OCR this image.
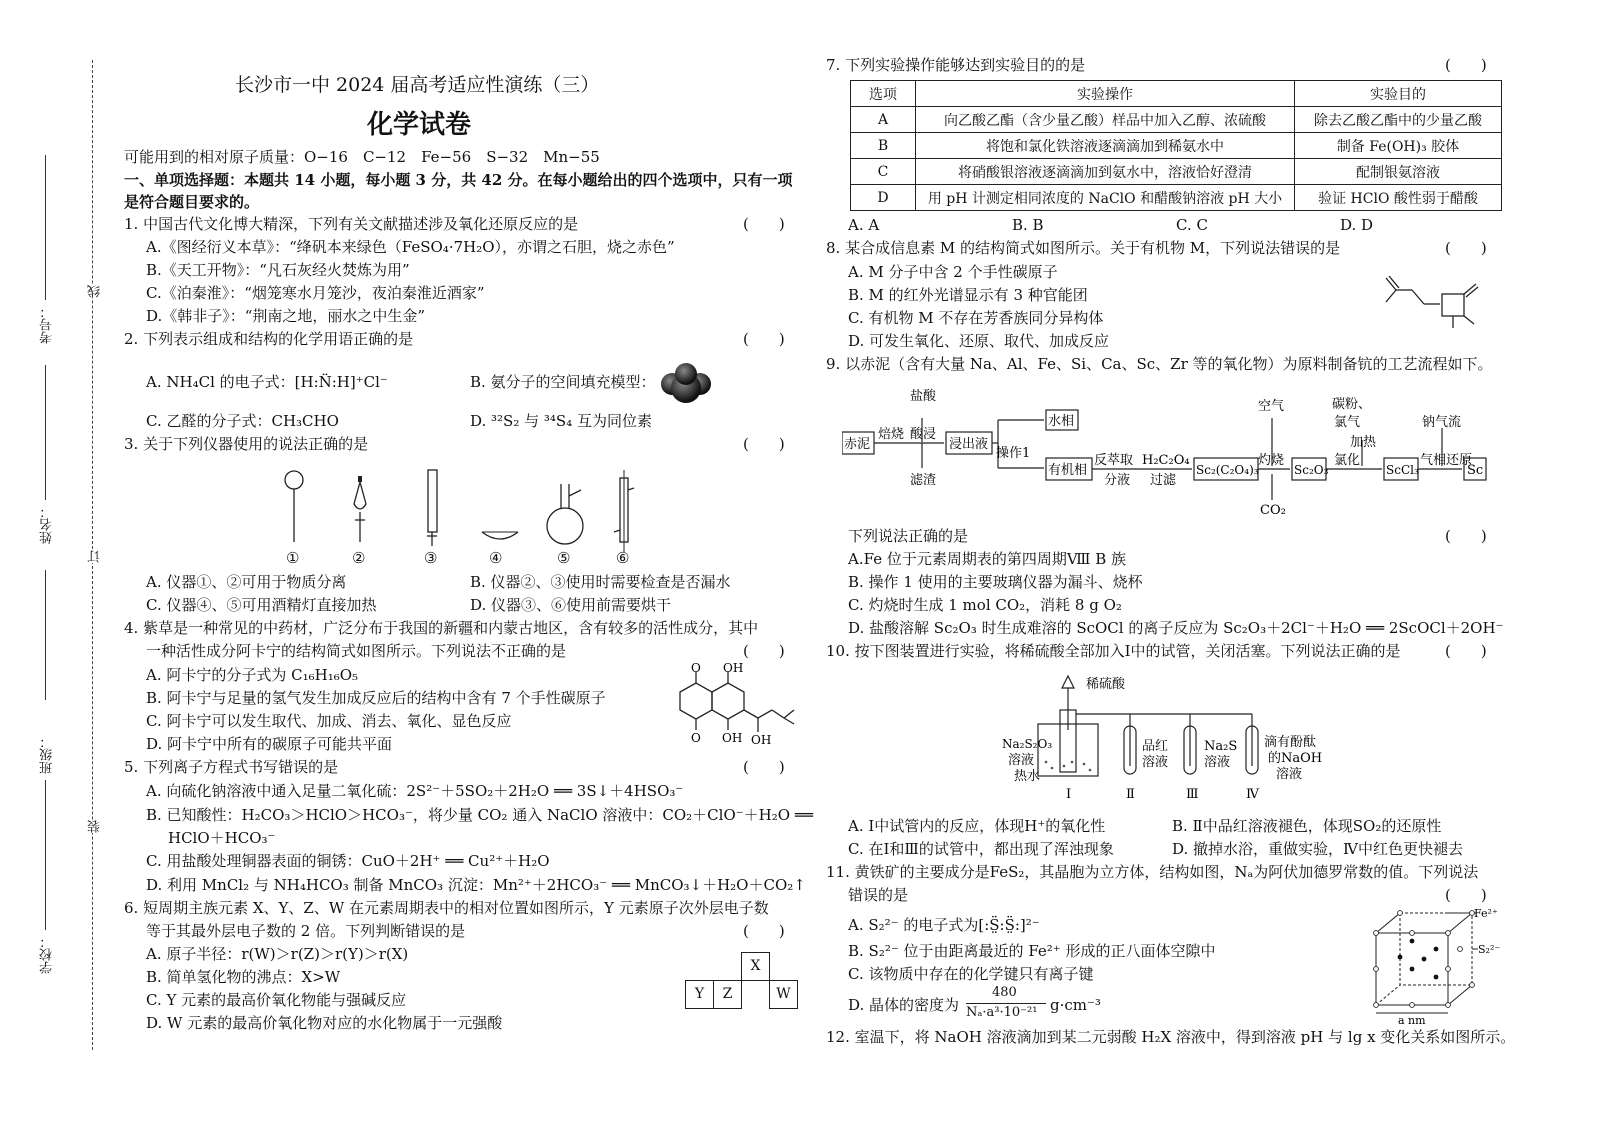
考号：
姓名：
班级：
学校：
线
订
装
长沙市一中 2024 届高考适应性演练（三）
化学试卷
可能用到的相对原子质量：O−16　C−12　Fe−56　S−32　Mn−55
一、单项选择题：本题共 14 小题，每小题 3 分，共 42 分。在每小题给出的四个选项中，只有一项
是符合题目要求的。
1. 中国古代文化博大精深，下列有关文献描述涉及氧化还原反应的是	(　　)
A.《图经衍义本草》：“绛矾本来绿色（FeSO₄·7H₂O），亦谓之石胆，烧之赤色”
B.《天工开物》：“凡石灰经火焚炼为用”
C.《泊秦淮》：“烟笼寒水月笼沙，夜泊秦淮近酒家”
D.《韩非子》：“荆南之地，丽水之中生金”
2. 下列表示组成和结构的化学用语正确的是	(　　)
A. NH₄Cl 的电子式：[H:N̈:H]⁺Cl⁻	B. 氨分子的空间填充模型：
C. 乙醛的分子式：CH₃CHO	D. ³²S₂ 与 ³⁴S₄ 互为同位素
3. 关于下列仪器使用的说法正确的是	(　　)
①	②	③	④	⑤	⑥
A. 仪器①、②可用于物质分离	B. 仪器②、③使用时需要检查是否漏水
C. 仪器④、⑤可用酒精灯直接加热	D. 仪器③、⑥使用前需要烘干
4. 紫草是一种常见的中药材，广泛分布于我国的新疆和内蒙古地区，含有较多的活性成分，其中
一种活性成分阿卡宁的结构简式如图所示。下列说法不正确的是	(　　)
A. 阿卡宁的分子式为 C₁₆H₁₆O₅
B. 阿卡宁与足量的氢气发生加成反应后的结构中含有 7 个手性碳原子
C. 阿卡宁可以发生取代、加成、消去、氧化、显色反应
D. 阿卡宁中所有的碳原子可能共平面
O
O
OH
OH OH
5. 下列离子方程式书写错误的是	(　　)
A. 向硫化钠溶液中通入足量二氧化硫：2S²⁻＋5SO₂＋2H₂O ══ 3S↓＋4HSO₃⁻
B. 已知酸性：H₂CO₃＞HClO＞HCO₃⁻，将少量 CO₂ 通入 NaClO 溶液中：CO₂＋ClO⁻＋H₂O ══
HClO＋HCO₃⁻
C. 用盐酸处理铜器表面的铜锈：CuO＋2H⁺ ══ Cu²⁺＋H₂O
D. 利用 MnCl₂ 与 NH₄HCO₃ 制备 MnCO₃ 沉淀：Mn²⁺＋2HCO₃⁻ ══ MnCO₃↓＋H₂O＋CO₂↑
6. 短周期主族元素 X、Y、Z、W 在元素周期表中的相对位置如图所示，Y 元素原子次外层电子数
等于其最外层电子数的 2 倍。下列判断错误的是	(　　)
A. 原子半径：r(W)＞r(Z)＞r(Y)＞r(X)
B. 简单氢化物的沸点：X>W
C. Y 元素的最高价氧化物能与强碱反应
D. W 元素的最高价氧化物对应的水化物属于一元强酸
X
Y	Z	W
7. 下列实验操作能够达到实验目的的是	(　　)
选项	实验操作	实验目的
A	向乙酸乙酯（含少量乙酸）样品中加入乙醇、浓硫酸	除去乙酸乙酯中的少量乙酸
B	将饱和氯化铁溶液逐滴滴加到稀氨水中	制备 Fe(OH)₃ 胶体
C	将硝酸银溶液逐滴滴加到氨水中，溶液恰好澄清	配制银氨溶液
D	用 pH 计测定相同浓度的 NaClO 和醋酸钠溶液 pH 大小	验证 HClO 酸性弱于醋酸
A. A	B. B	C. C	D. D
8. 某合成信息素 M 的结构简式如图所示。关于有机物 M，下列说法错误的是	(　　)
A. M 分子中含 2 个手性碳原子
B. M 的红外光谱显示有 3 种官能团
C. 有机物 M 不存在芳香族同分异构体
D. 可发生氧化、还原、取代、加成反应
9. 以赤泥（含有大量 Na、Al、Fe、Si、Ca、Sc、Zr 等的氧化物）为原料制备钪的工艺流程如下。
赤泥
焙烧
盐酸
酸浸
滤渣
浸出液
操作1
水相
有机相
反萃取
分液
H₂C₂O₄
过滤
Sc₂(C₂O₄)₃
空气
灼烧
CO₂
Sc₂O₃
碳粉、
氯气
加热
氯化
ScCl₃
钠气流
气相还原
Sc
下列说法正确的是	(　　)
A.Fe 位于元素周期表的第四周期Ⅷ B 族
B. 操作 1 使用的主要玻璃仪器为漏斗、烧杯
C. 灼烧时生成 1 mol CO₂，消耗 8 g O₂
D. 盐酸溶解 Sc₂O₃ 时生成难溶的 ScOCl 的离子反应为 Sc₂O₃＋2Cl⁻＋H₂O ══ 2ScOCl＋2OH⁻
10. 按下图装置进行实验，将稀硫酸全部加入Ⅰ中的试管，关闭活塞。下列说法正确的是	(　　)
稀硫酸
Na₂S₂O₃
溶液
热水
品红
溶液
Na₂S
溶液
滴有酚酞
的NaOH
溶液
Ⅰ	Ⅱ	Ⅲ	Ⅳ
A. Ⅰ中试管内的反应，体现H⁺的氧化性	B. Ⅱ中品红溶液褪色，体现SO₂的还原性
C. 在Ⅰ和Ⅲ的试管中，都出现了浑浊现象	D. 撤掉水浴，重做实验，Ⅳ中红色更快褪去
11. 黄铁矿的主要成分是FeS₂，其晶胞为立方体，结构如图，Nₐ为阿伏加德罗常数的值。下列说法
错误的是	(　　)
A. S₂²⁻ 的电子式为[:S̤̈:S̤̈:]²⁻
B. S₂²⁻ 位于由距离最近的 Fe²⁺ 形成的正八面体空隙中
C. 该物质中存在的化学键只有离子键
D. 晶体的密度为
480
Nₐ·a³·10⁻²¹ g·cm⁻³
Fe²⁺
S₂²⁻
a nm
12. 室温下，将 NaOH 溶液滴加到某二元弱酸 H₂X 溶液中，得到溶液 pH 与 lg x 变化关系如图所示。
